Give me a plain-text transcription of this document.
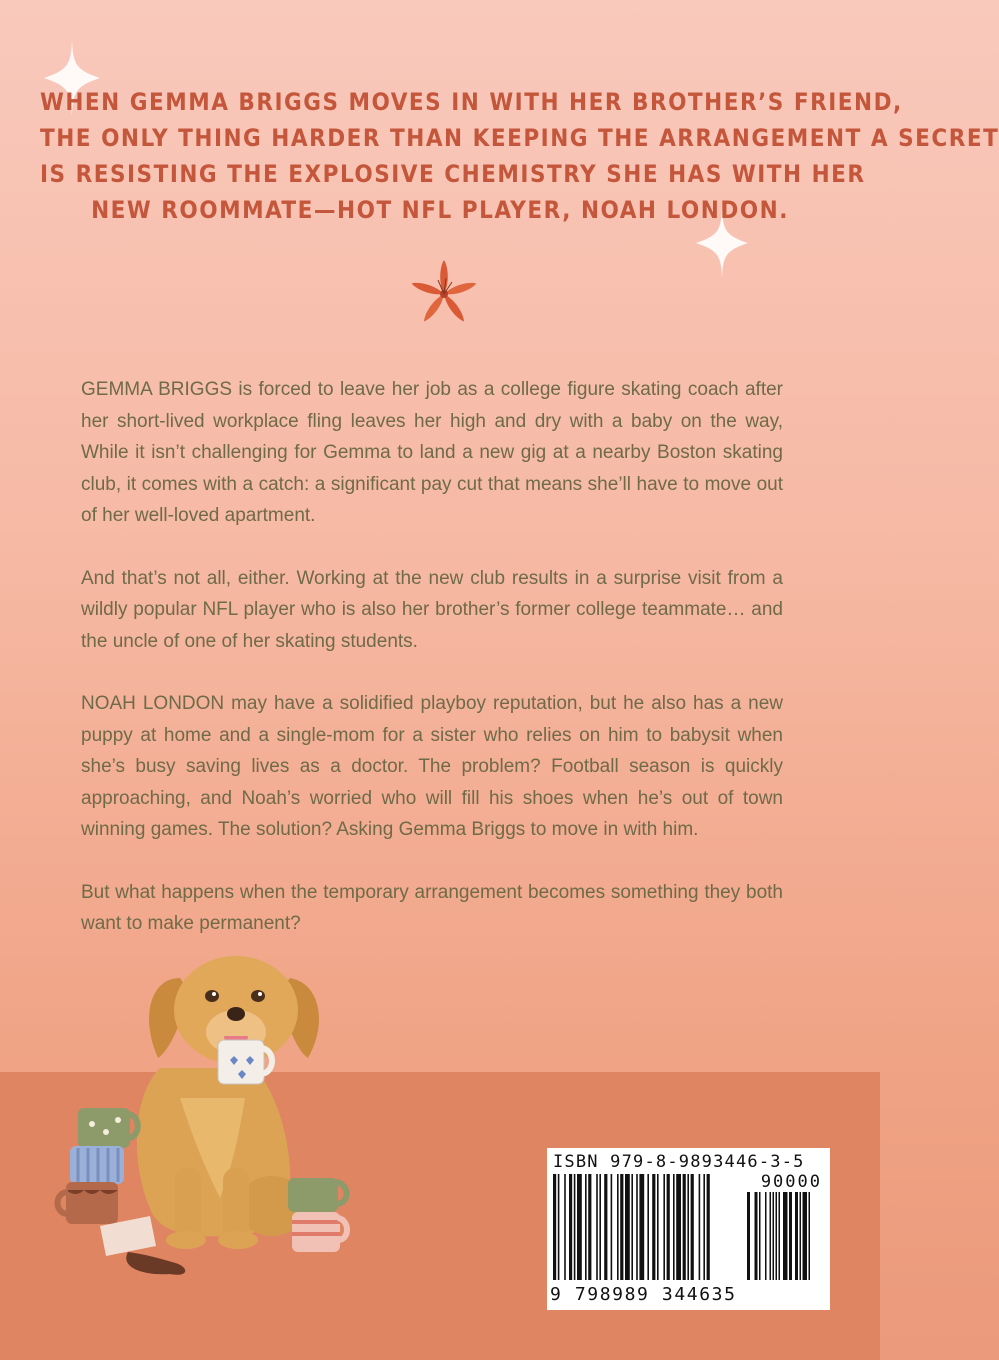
WHEN GEMMA BRIGGS MOVES IN WITH HER BROTHER’S FRIEND,
THE ONLY THING HARDER THAN KEEPING THE ARRANGEMENT A SECRET
IS RESISTING THE EXPLOSIVE CHEMISTRY SHE HAS WITH HER
NEW ROOMMATE—HOT NFL PLAYER, NOAH LONDON.

GEMMA BRIGGS is forced to leave her job as a college figure skating coach after her short-lived workplace fling leaves her high and dry with a baby on the way, While it isn’t challenging for Gemma to land a new gig at a nearby Boston skating club, it comes with a catch: a significant pay cut that means she’ll have to move out of her well-loved apartment.

And that’s not all, either. Working at the new club results in a surprise visit from a wildly popular NFL player who is also her brother’s former college teammate… and the uncle of one of her skating students.

NOAH LONDON may have a solidified playboy reputation, but he also has a new puppy at home and a single-mom for a sister who relies on him to babysit when she’s busy saving lives as a doctor. The problem? Football season is quickly approaching, and Noah’s worried who will fill his shoes when he’s out of town winning games. The solution? Asking Gemma Briggs to move in with him.

But what happens when the temporary arrangement becomes something they both want to make permanent?

ISBN 979-8-9893446-3-5
90000
9 798989 344635
